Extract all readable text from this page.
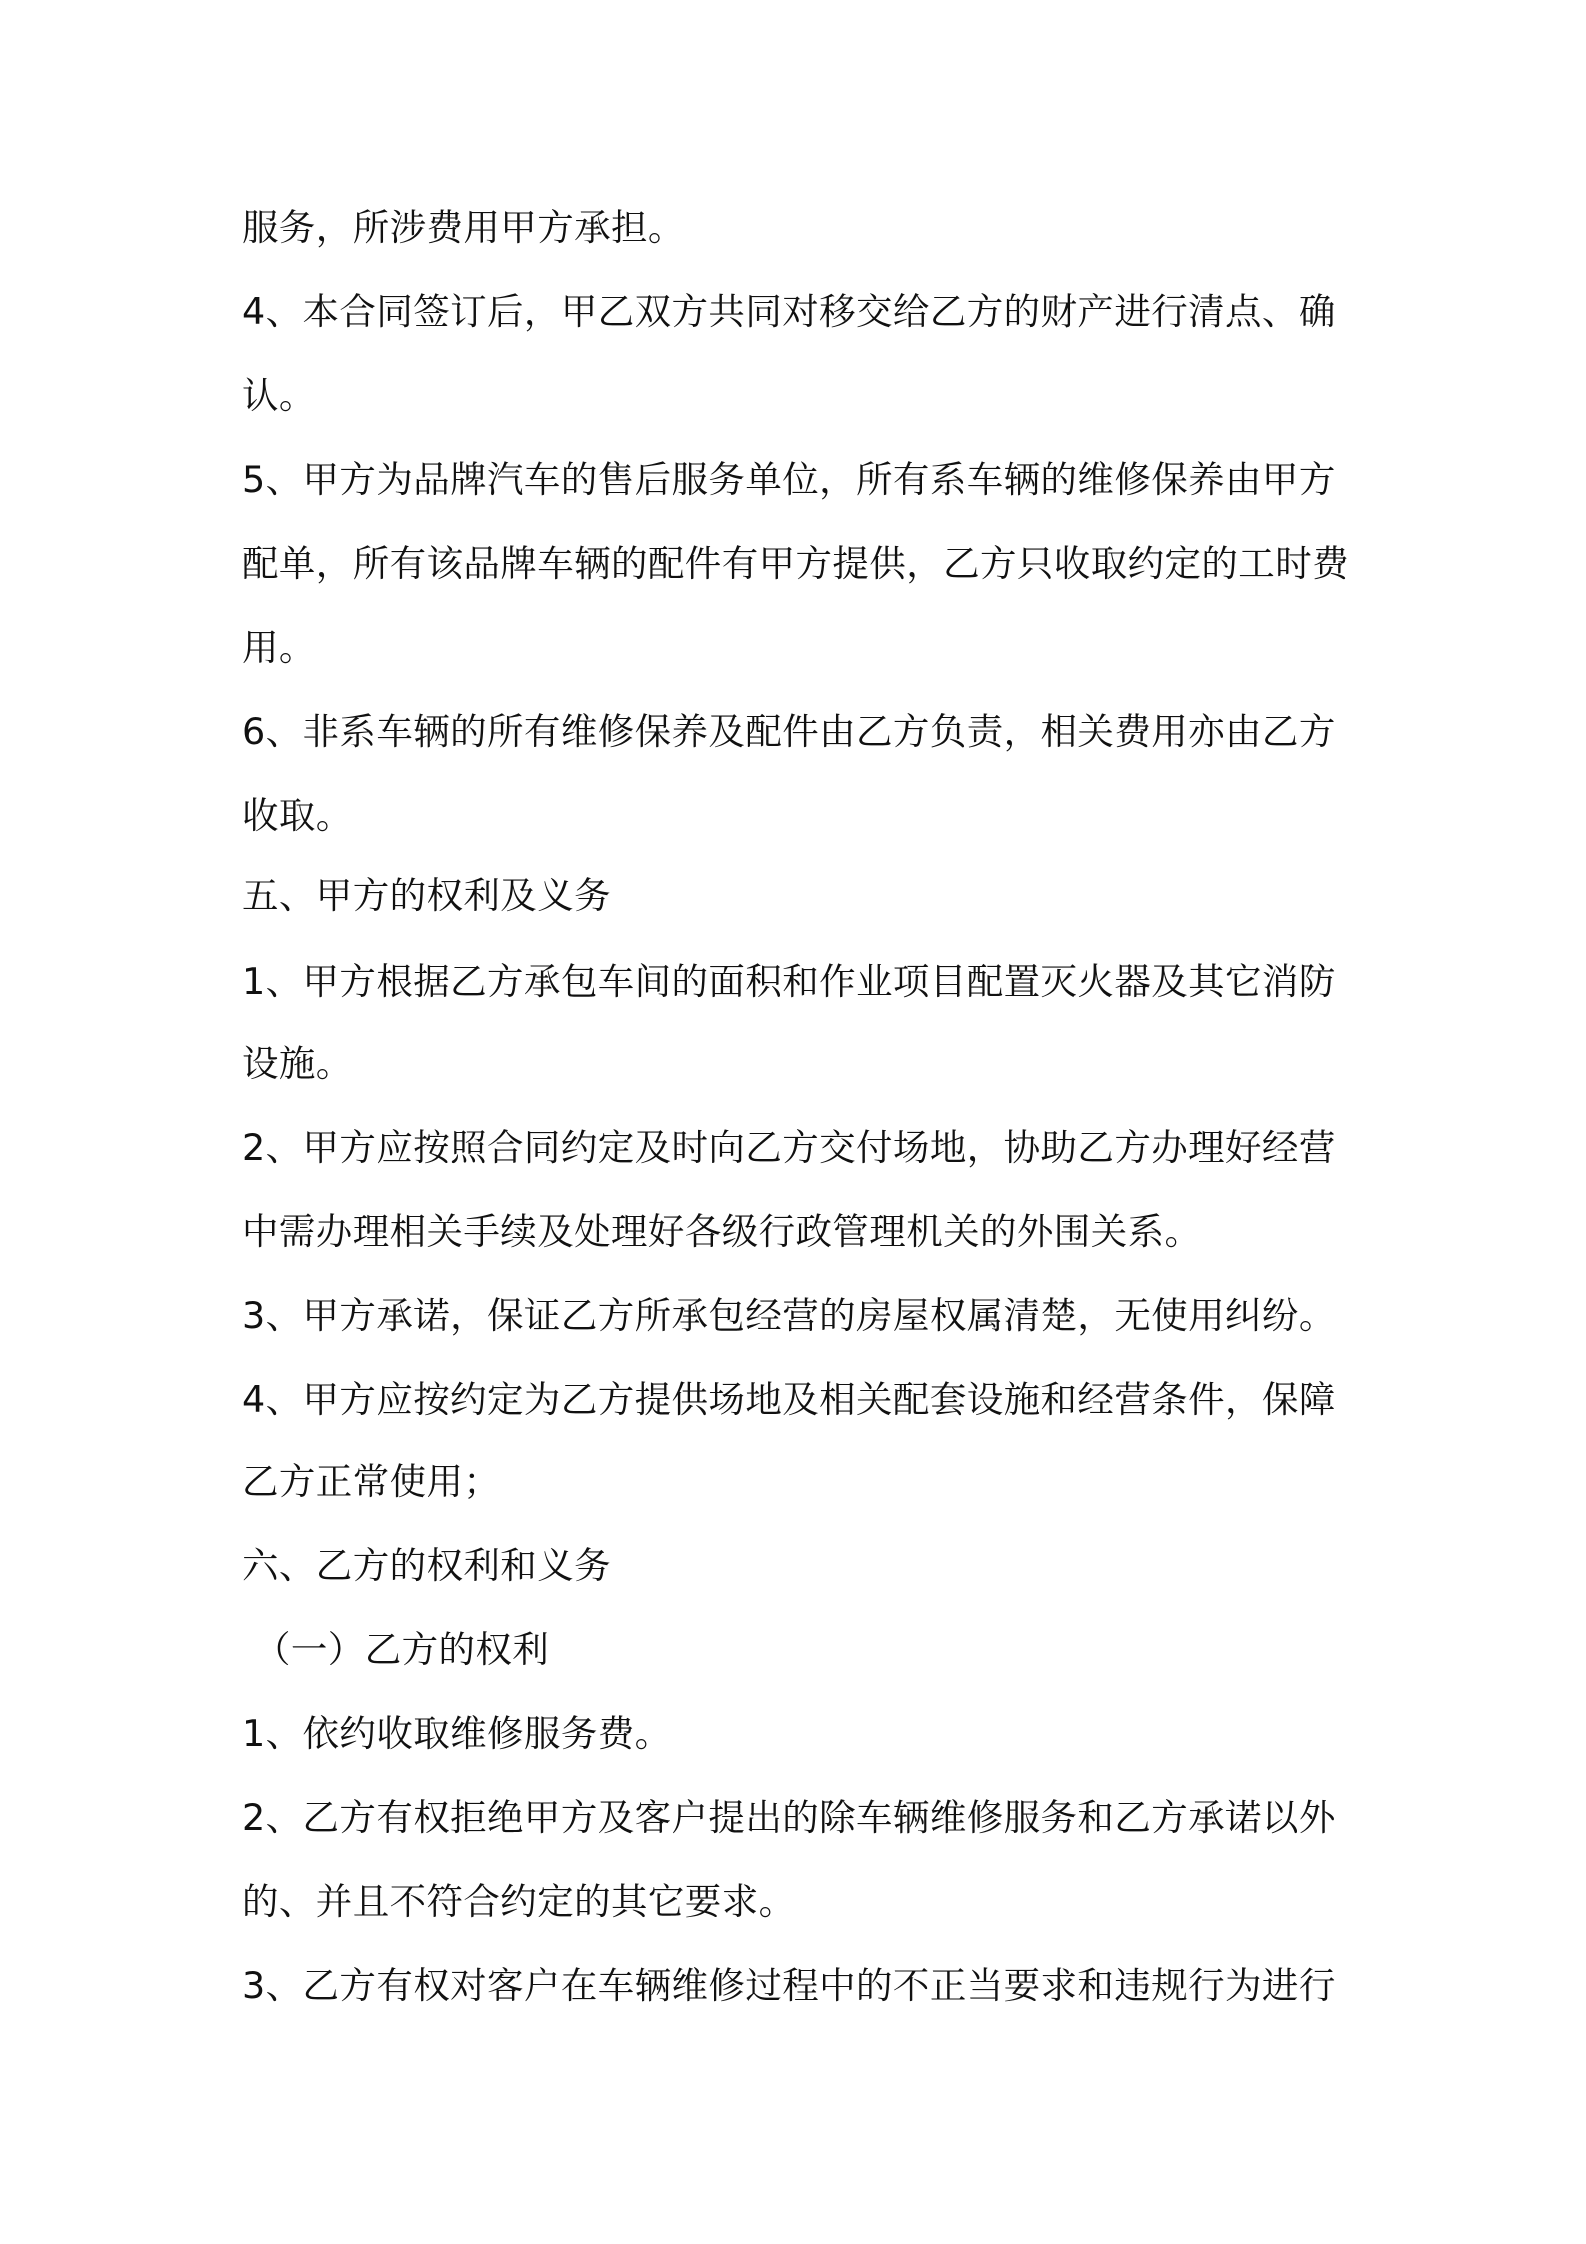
服务，所涉费用甲方承担。

4、本合同签订后，甲乙双方共同对移交给乙方的财产进行清点、确

认。

5、甲方为品牌汽车的售后服务单位，所有系车辆的维修保养由甲方

配单，所有该品牌车辆的配件有甲方提供，乙方只收取约定的工时费

用。

6、非系车辆的所有维修保养及配件由乙方负责，相关费用亦由乙方

收取。

五、甲方的权利及义务

1、甲方根据乙方承包车间的面积和作业项目配置灭火器及其它消防

设施。

2、甲方应按照合同约定及时向乙方交付场地，协助乙方办理好经营

中需办理相关手续及处理好各级行政管理机关的外围关系。

3、甲方承诺，保证乙方所承包经营的房屋权属清楚，无使用纠纷。

4、甲方应按约定为乙方提供场地及相关配套设施和经营条件，保障

乙方正常使用；

六、乙方的权利和义务

（一）乙方的权利

1、依约收取维修服务费。

2、乙方有权拒绝甲方及客户提出的除车辆维修服务和乙方承诺以外

的、并且不符合约定的其它要求。

3、乙方有权对客户在车辆维修过程中的不正当要求和违规行为进行
